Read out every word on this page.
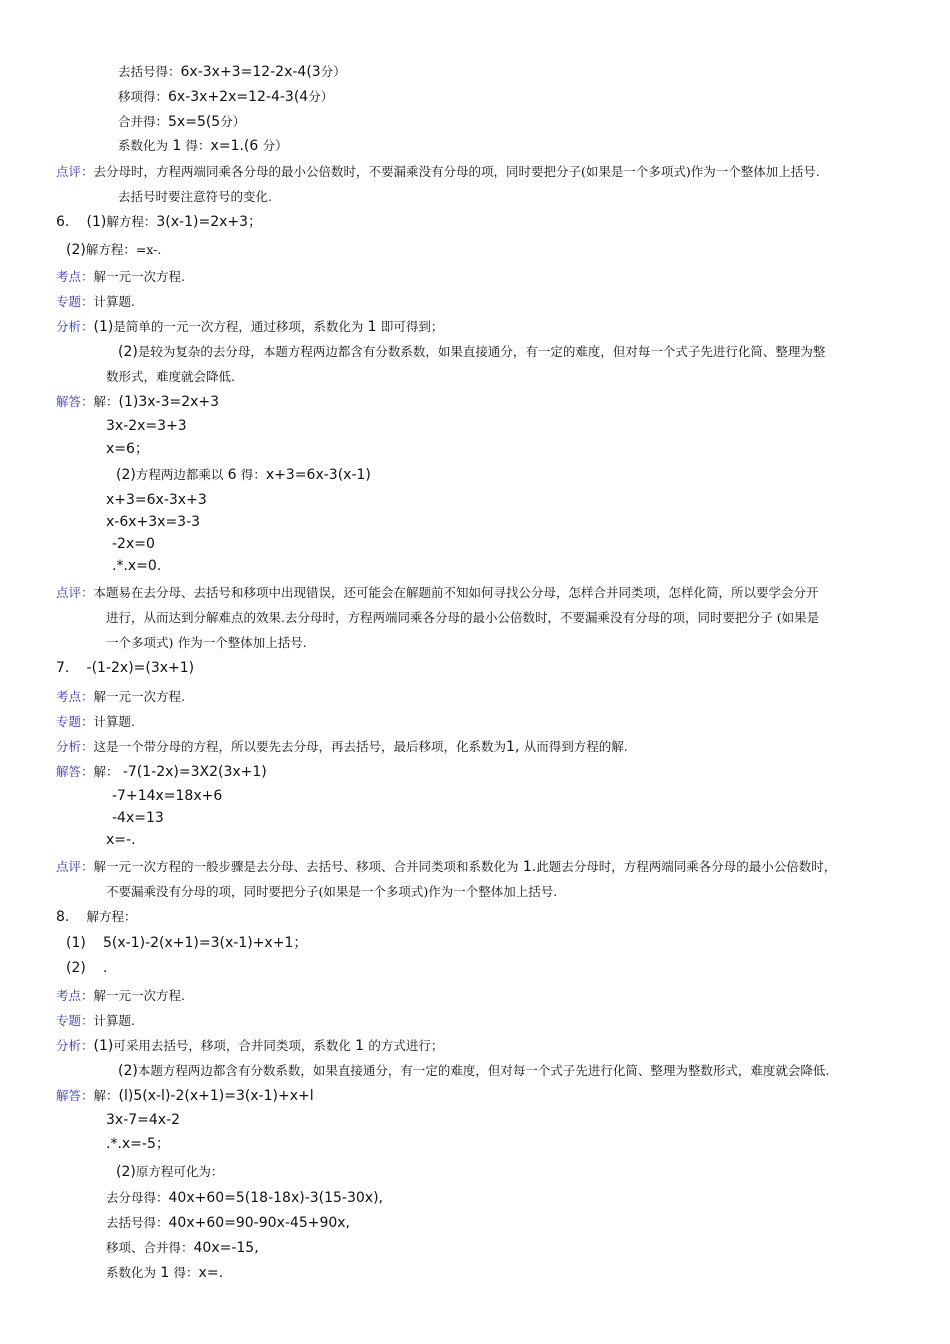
去括号得：6x-3x+3=12-2x-4(3分）
移项得：6x-3x+2x=12-4-3(4分）
合并得：5x=5(5分）
系数化为 1 得：x=1.(6 分）
点评：去分母时，方程两端同乘各分母的最小公倍数时，不要漏乘没有分母的项，同时要把分子(如果是一个多项式)作为一个整体加上括号.
去括号时要注意符号的变化.
6. (1)解方程：3(x-1)=2x+3；
(2)解方程：=x-.
考点：解一元一次方程.
专题：计算题.
分析：(1)是简单的一元一次方程，通过移项，系数化为 1 即可得到；
(2)是较为复杂的去分母，本题方程两边都含有分数系数，如果直接通分，有一定的难度，但对每一个式子先进行化简、整理为整
数形式，难度就会降低.
解答：解：(1)3x-3=2x+3
3x-2x=3+3
x=6；
(2)方程两边都乘以 6 得：x+3=6x-3(x-1)
x+3=6x-3x+3
x-6x+3x=3-3
-2x=0
.*.x=0.
点评：本题易在去分母、去括号和移项中出现错误，还可能会在解题前不知如何寻找公分母，怎样合并同类项，怎样化简，所以要学会分开
进行，从而达到分解难点的效果.去分母时，方程两端同乘各分母的最小公倍数时，不要漏乘没有分母的项，同时要把分子 (如果是
一个多项式) 作为一个整体加上括号.
7. -(1-2x)=(3x+1)
考点：解一元一次方程.
专题：计算题.
分析：这是一个带分母的方程，所以要先去分母，再去括号，最后移项，化系数为1, 从而得到方程的解.
解答：解： -7(1-2x)=3X2(3x+1)
-7+14x=18x+6
-4x=13
x=-.
点评：解一元一次方程的一般步骤是去分母、去括号、移项、合并同类项和系数化为 1.此题去分母时，方程两端同乘各分母的最小公倍数时，
不要漏乘没有分母的项，同时要把分子(如果是一个多项式)作为一个整体加上括号.
8. 解方程：
(1) 5(x-1)-2(x+1)=3(x-1)+x+1；
(2) .
考点：解一元一次方程.
专题：计算题.
分析：(1)可采用去括号，移项，合并同类项，系数化 1 的方式进行；
(2)本题方程两边都含有分数系数，如果直接通分，有一定的难度，但对每一个式子先进行化简、整理为整数形式，难度就会降低.
解答：解：(l)5(x-l)-2(x+1)=3(x-1)+x+l
3x-7=4x-2
.*.x=-5；
(2)原方程可化为：
去分母得：40x+60=5(18-18x)-3(15-30x),
去括号得：40x+60=90-90x-45+90x,
移项、合并得：40x=-15,
系数化为 1 得：x=.
